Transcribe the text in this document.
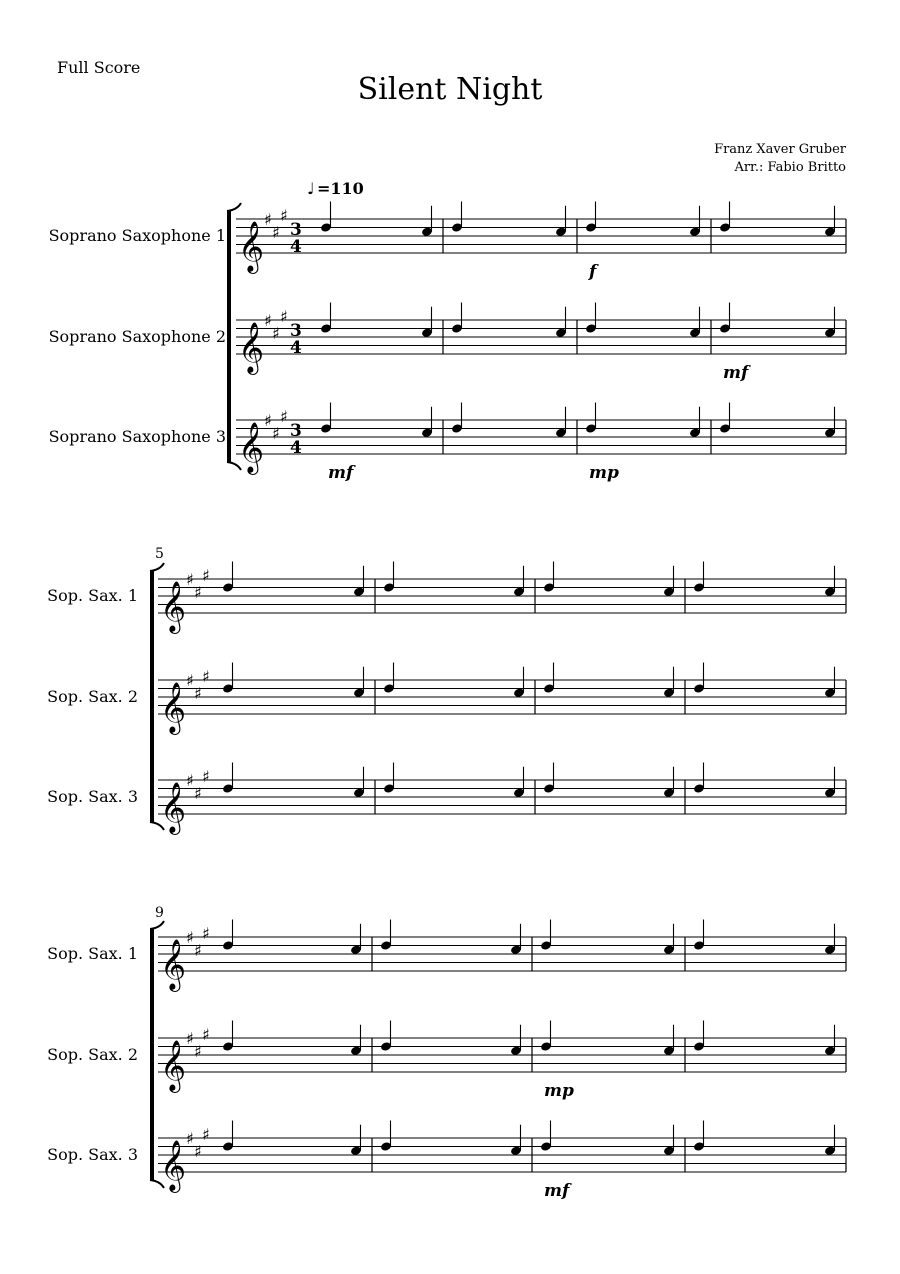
Full Score
Silent Night
Franz Xaver Gruber
Arr.: Fabio Britto
♩ =110
Soprano Saxophone 1 𝄞
♯
♯
♯
3
4
Soprano Saxophone 2 𝄞
♯
♯
♯
3
4
Soprano Saxophone 3 𝄞
♯
♯
♯
3
4
f
mf
mf	mp
5
Sop. Sax. 1 𝄞
♯
♯
♯
Sop. Sax. 2 𝄞
♯
♯
♯
Sop. Sax. 3 𝄞
♯
♯
♯
9
Sop. Sax. 1 𝄞
♯
♯
♯
Sop. Sax. 2 𝄞
♯
♯
♯
Sop. Sax. 3 𝄞
♯
♯
♯
mp
mf
